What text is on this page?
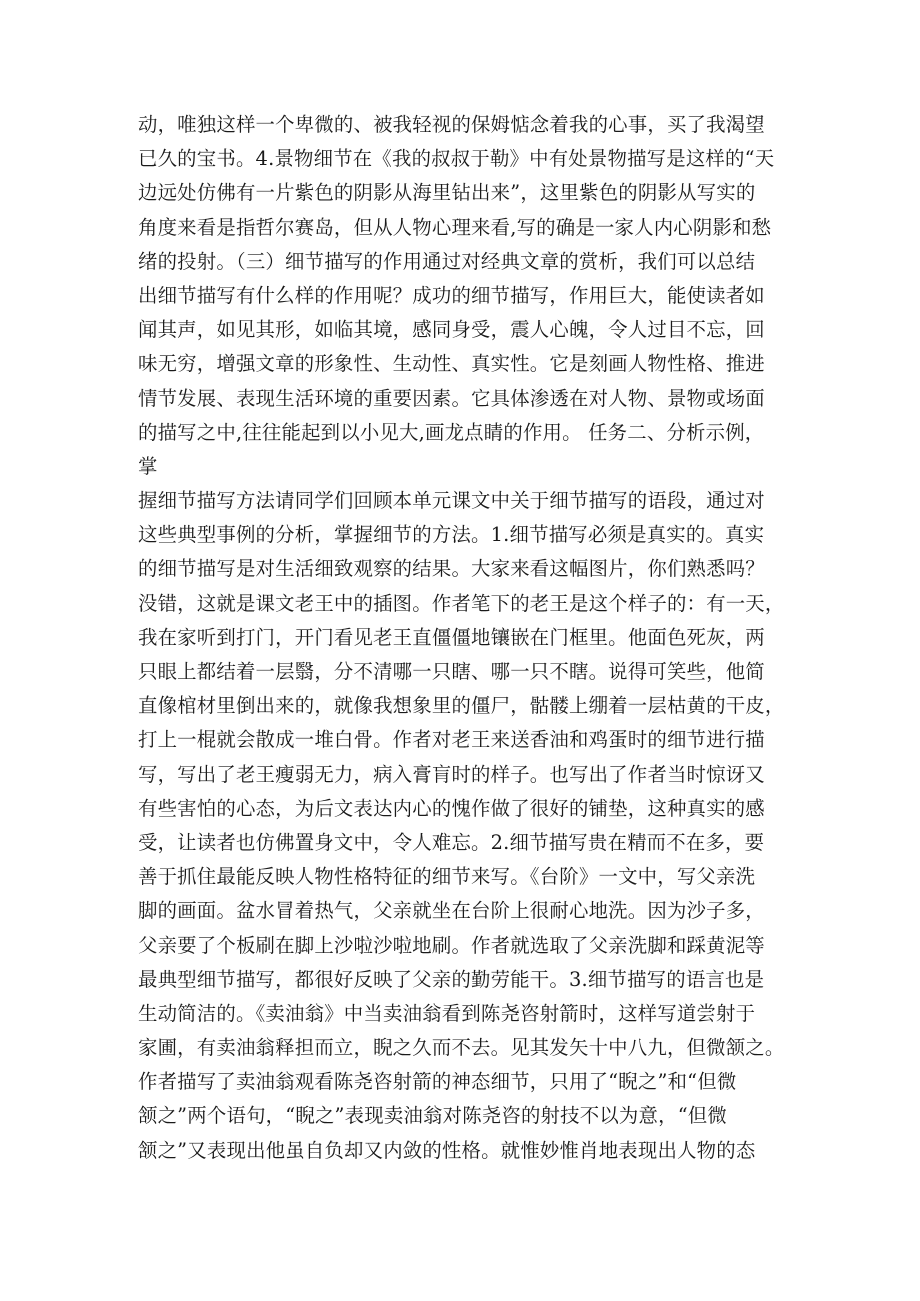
动，唯独这样一个卑微的、被我轻视的保姆惦念着我的心事，买了我渴望
已久的宝书。4.景物细节在《我的叔叔于勒》中有处景物描写是这样的“天
边远处仿佛有一片紫色的阴影从海里钻出来”，这里紫色的阴影从写实的
角度来看是指哲尔赛岛，但从人物心理来看,写的确是一家人内心阴影和愁
绪的投射。（三）细节描写的作用通过对经典文章的赏析，我们可以总结
出细节描写有什么样的作用呢？成功的细节描写，作用巨大，能使读者如
闻其声，如见其形，如临其境，感同身受，震人心魄，令人过目不忘，回
味无穷，增强文章的形象性、生动性、真实性。它是刻画人物性格、推进
情节发展、表现生活环境的重要因素。它具体渗透在对人物、景物或场面
的描写之中,往往能起到以小见大,画龙点睛的作用。 任务二、分析示例，
掌
握细节描写方法请同学们回顾本单元课文中关于细节描写的语段，通过对
这些典型事例的分析，掌握细节的方法。1.细节描写必须是真实的。真实
的细节描写是对生活细致观察的结果。大家来看这幅图片，你们熟悉吗？
没错，这就是课文老王中的插图。作者笔下的老王是这个样子的：有一天，
我在家听到打门，开门看见老王直僵僵地镶嵌在门框里。他面色死灰，两
只眼上都结着一层翳，分不清哪一只瞎、哪一只不瞎。说得可笑些，他简
直像棺材里倒出来的，就像我想象里的僵尸，骷髅上绷着一层枯黄的干皮，
打上一棍就会散成一堆白骨。作者对老王来送香油和鸡蛋时的细节进行描
写，写出了老王瘦弱无力，病入膏肓时的样子。也写出了作者当时惊讶又
有些害怕的心态，为后文表达内心的愧作做了很好的铺垫，这种真实的感
受，让读者也仿佛置身文中，令人难忘。2.细节描写贵在精而不在多，要
善于抓住最能反映人物性格特征的细节来写。《台阶》一文中，写父亲洗
脚的画面。盆水冒着热气，父亲就坐在台阶上很耐心地洗。因为沙子多，
父亲要了个板刷在脚上沙啦沙啦地刷。作者就选取了父亲洗脚和踩黄泥等
最典型细节描写，都很好反映了父亲的勤劳能干。3.细节描写的语言也是
生动简洁的。《卖油翁》中当卖油翁看到陈尧咨射箭时，这样写道尝射于
家圃，有卖油翁释担而立，睨之久而不去。见其发矢十中八九，但微颔之。
作者描写了卖油翁观看陈尧咨射箭的神态细节，只用了“睨之”和“但微
颔之”两个语句，“睨之”表现卖油翁对陈尧咨的射技不以为意，“但微
颔之”又表现出他虽自负却又内敛的性格。就惟妙惟肖地表现出人物的态
